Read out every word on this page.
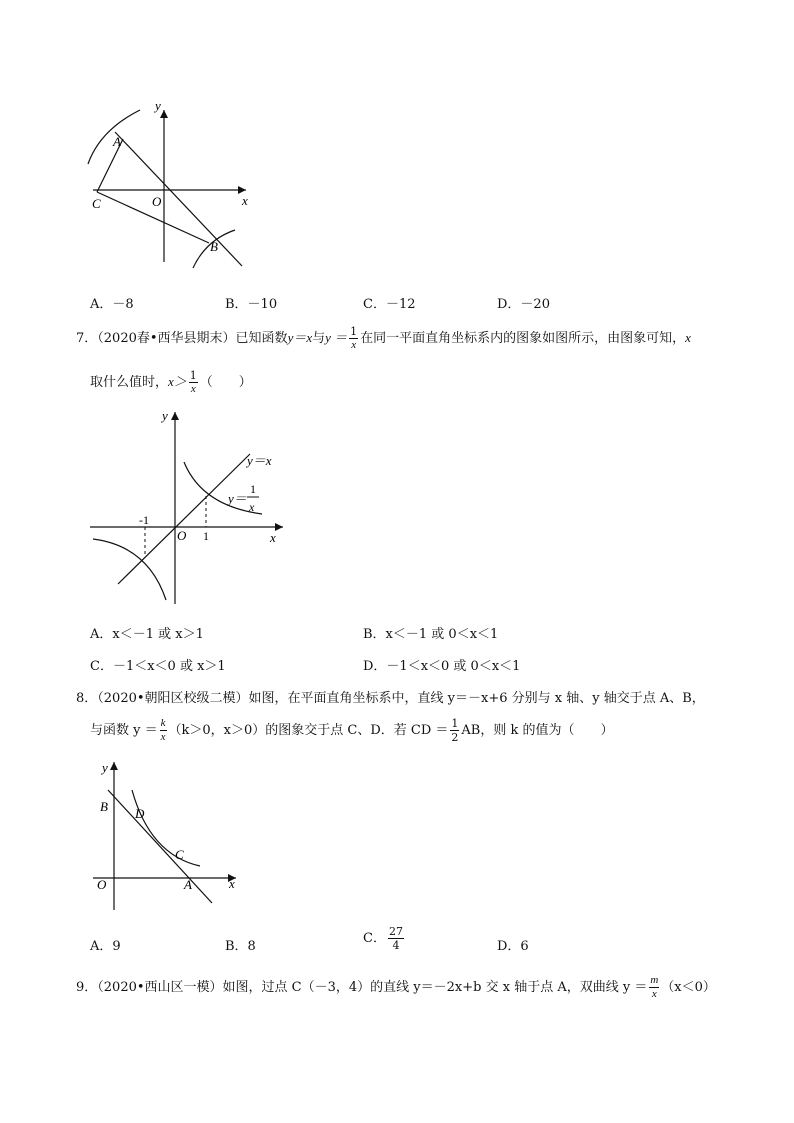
y
x
A
C	O
B
A．－8	B．－10	C．－12	D．－20
7．（2020春•西华县期末）已知函数y＝x与$y = \frac{1}{x}$ 在同一平面直角坐标系内的图象如图所示，由图象可知，x
取什么值时，$x> \frac{1}{x}$ （　　）
y
x
O
-1
1
y＝x
y＝
1
x
A．x＜－1 或 x＞1	B．x＜－1 或 0＜x＜1
C．－1＜x＜0 或 x＞1	D．－1＜x＜0 或 0＜x＜1
8．（2020•朝阳区校级二模）如图，在平面直角坐标系中，直线 y＝－x+6 分别与 x 轴、y 轴交于点 A、B，
与函数 $y = \frac{k}{x} (k>0$，x＞0）的图象交于点 C、D．若 CD ＝ $\frac{1}{2}$ AB，则 k 的值为（　　）
y
x
O	A
B
C
D
A．9	B．8
C． $\frac{27}{4}$	D．6
9．（2020•西山区一模）如图，过点 C（－3，4）的直线 y＝－2x+b 交 x 轴于点 A，双曲线 $y = \frac{m}{x} (x<0)$
